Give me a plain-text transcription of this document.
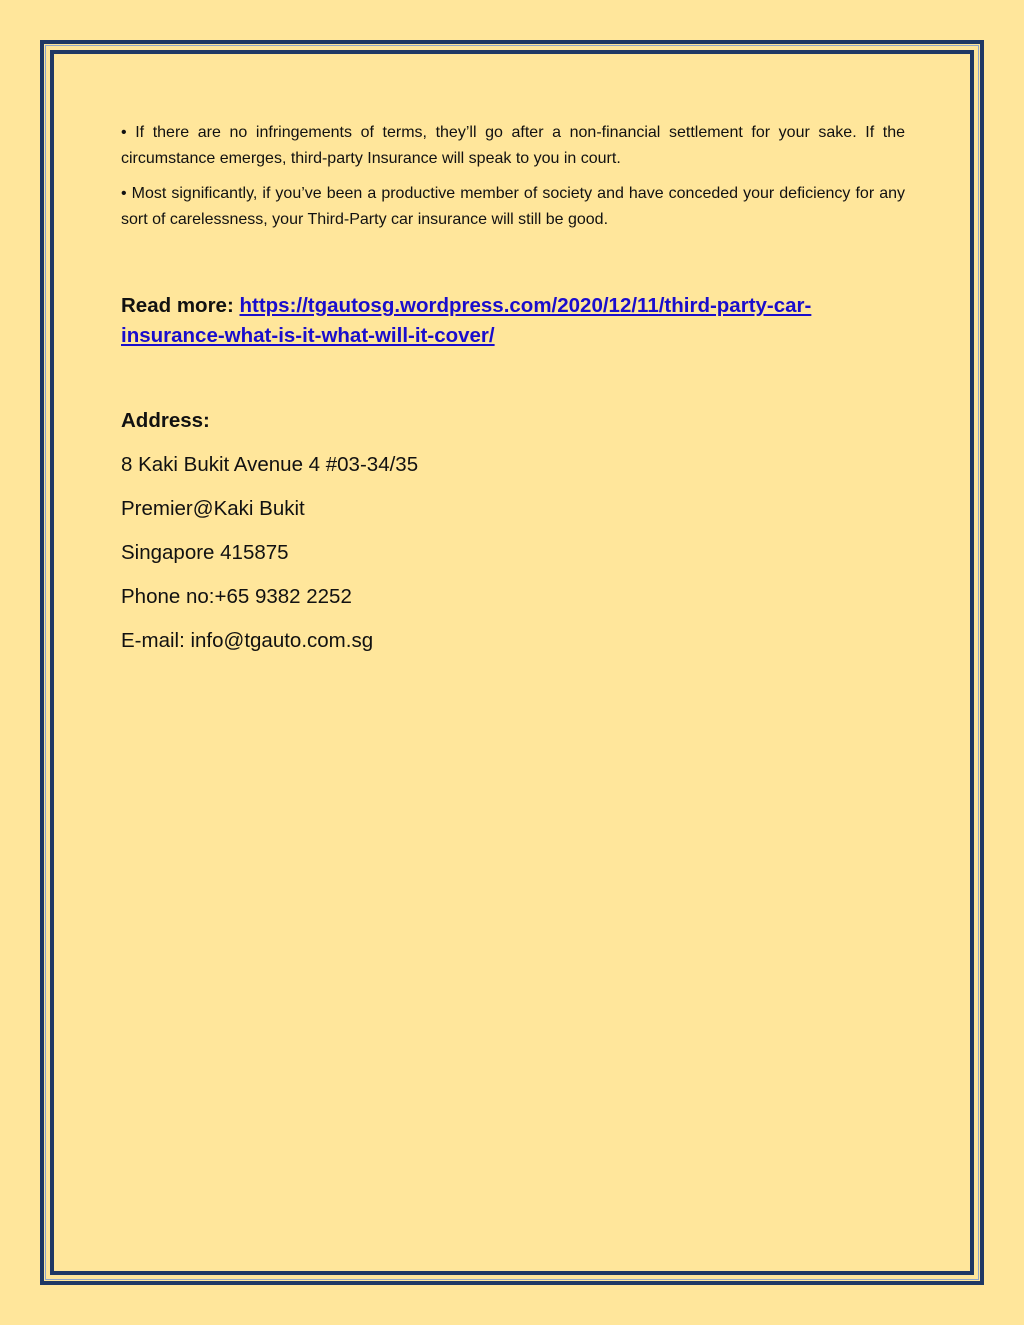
• If there are no infringements of terms, they’ll go after a non-financial settlement for your sake. If the circumstance emerges, third-party Insurance will speak to you in court.

• Most significantly, if you’ve been a productive member of society and have conceded your deficiency for any sort of carelessness, your Third-Party car insurance will still be good.

Read more: https://tgautosg.wordpress.com/2020/12/11/third-party-car-insurance-what-is-it-what-will-it-cover/
Address:
8 Kaki Bukit Avenue 4 #03-34/35
Premier@Kaki Bukit
Singapore 415875
Phone no:+65 9382 2252
E-mail: info@tgauto.com.sg
